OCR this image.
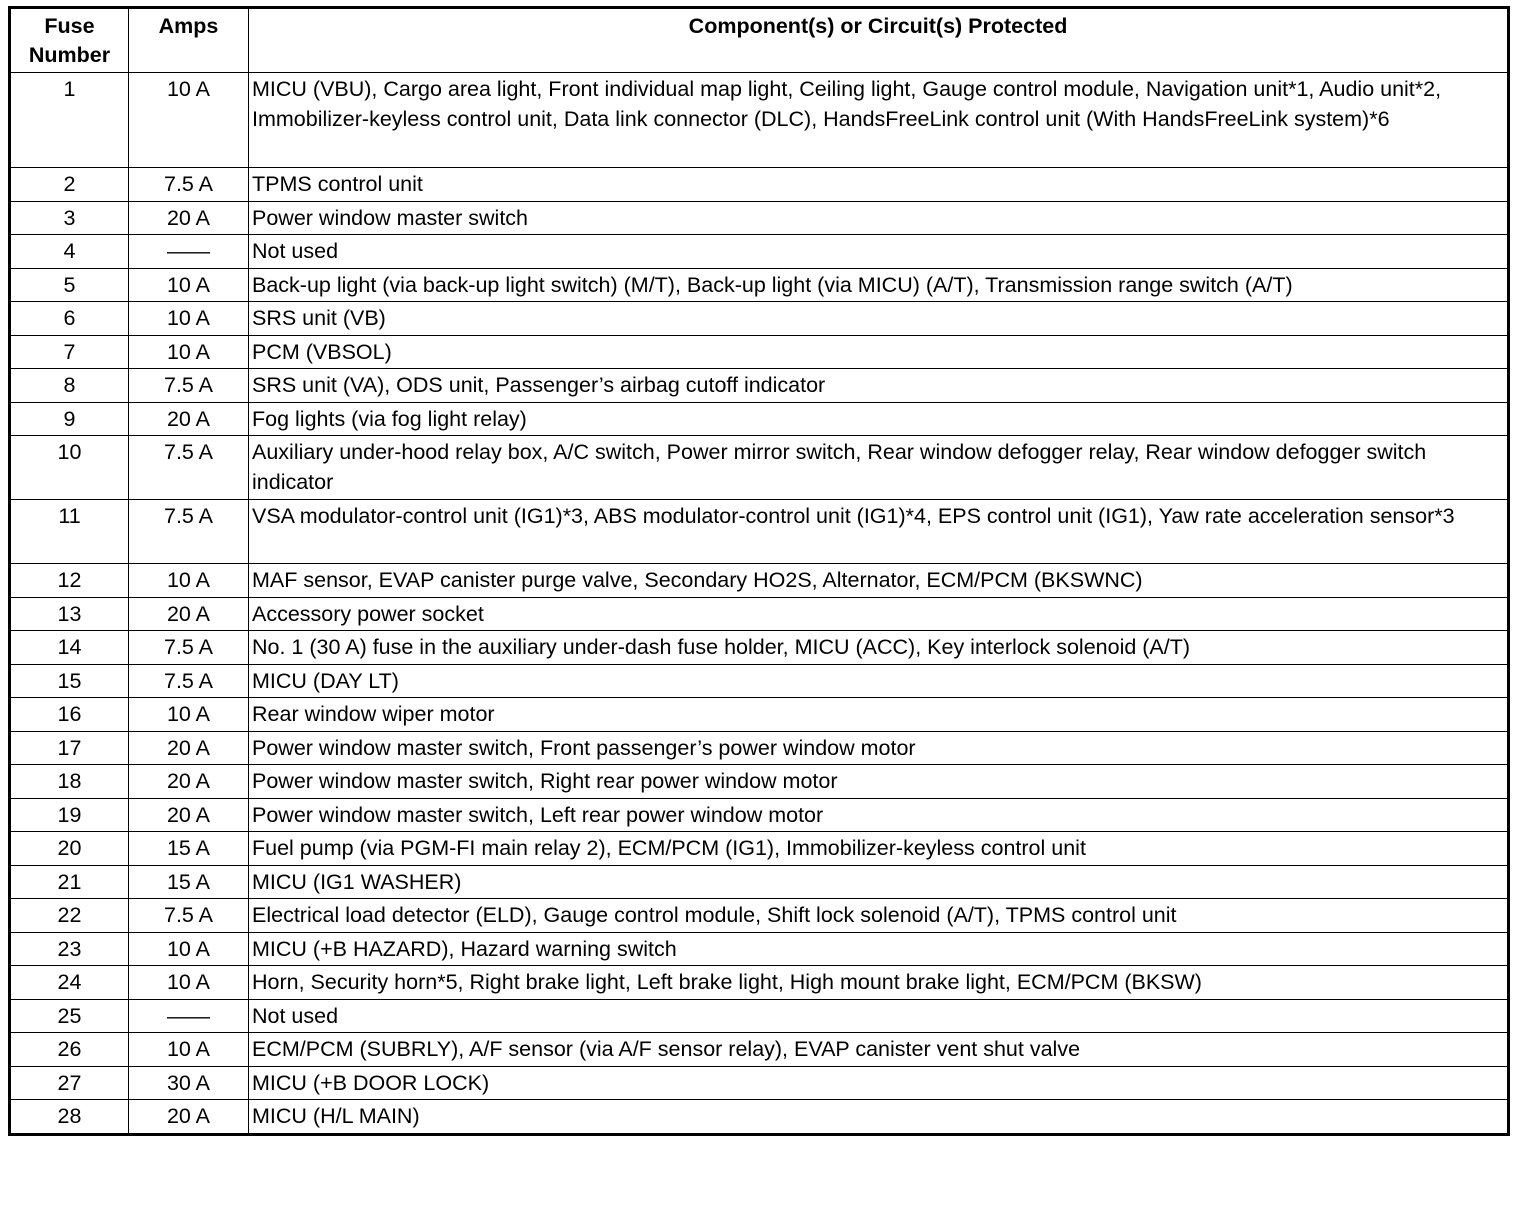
Fuse
Number	Amps	Component(s) or Circuit(s) Protected
1	10 A	MICU (VBU), Cargo area light, Front individual map light, Ceiling light, Gauge control module, Navigation unit*1, Audio unit*2, Immobilizer-keyless control unit, Data link connector (DLC), HandsFreeLink control unit (With HandsFreeLink system)*6
2	7.5 A	TPMS control unit
3	20 A	Power window master switch
4	——	Not used
5	10 A	Back-up light (via back-up light switch) (M/T), Back-up light (via MICU) (A/T), Transmission range switch (A/T)
6	10 A	SRS unit (VB)
7	10 A	PCM (VBSOL)
8	7.5 A	SRS unit (VA), ODS unit, Passenger’s airbag cutoff indicator
9	20 A	Fog lights (via fog light relay)
10	7.5 A	Auxiliary under-hood relay box, A/C switch, Power mirror switch, Rear window defogger relay, Rear window defogger switch indicator
11	7.5 A	VSA modulator-control unit (IG1)*3, ABS modulator-control unit (IG1)*4, EPS control unit (IG1), Yaw rate acceleration sensor*3
12	10 A	MAF sensor, EVAP canister purge valve, Secondary HO2S, Alternator, ECM/PCM (BKSWNC)
13	20 A	Accessory power socket
14	7.5 A	No. 1 (30 A) fuse in the auxiliary under-dash fuse holder, MICU (ACC), Key interlock solenoid (A/T)
15	7.5 A	MICU (DAY LT)
16	10 A	Rear window wiper motor
17	20 A	Power window master switch, Front passenger’s power window motor
18	20 A	Power window master switch, Right rear power window motor
19	20 A	Power window master switch, Left rear power window motor
20	15 A	Fuel pump (via PGM-FI main relay 2), ECM/PCM (IG1), Immobilizer-keyless control unit
21	15 A	MICU (IG1 WASHER)
22	7.5 A	Electrical load detector (ELD), Gauge control module, Shift lock solenoid (A/T), TPMS control unit
23	10 A	MICU (+B HAZARD), Hazard warning switch
24	10 A	Horn, Security horn*5, Right brake light, Left brake light, High mount brake light, ECM/PCM (BKSW)
25	——	Not used
26	10 A	ECM/PCM (SUBRLY), A/F sensor (via A/F sensor relay), EVAP canister vent shut valve
27	30 A	MICU (+B DOOR LOCK)
28	20 A	MICU (H/L MAIN)
